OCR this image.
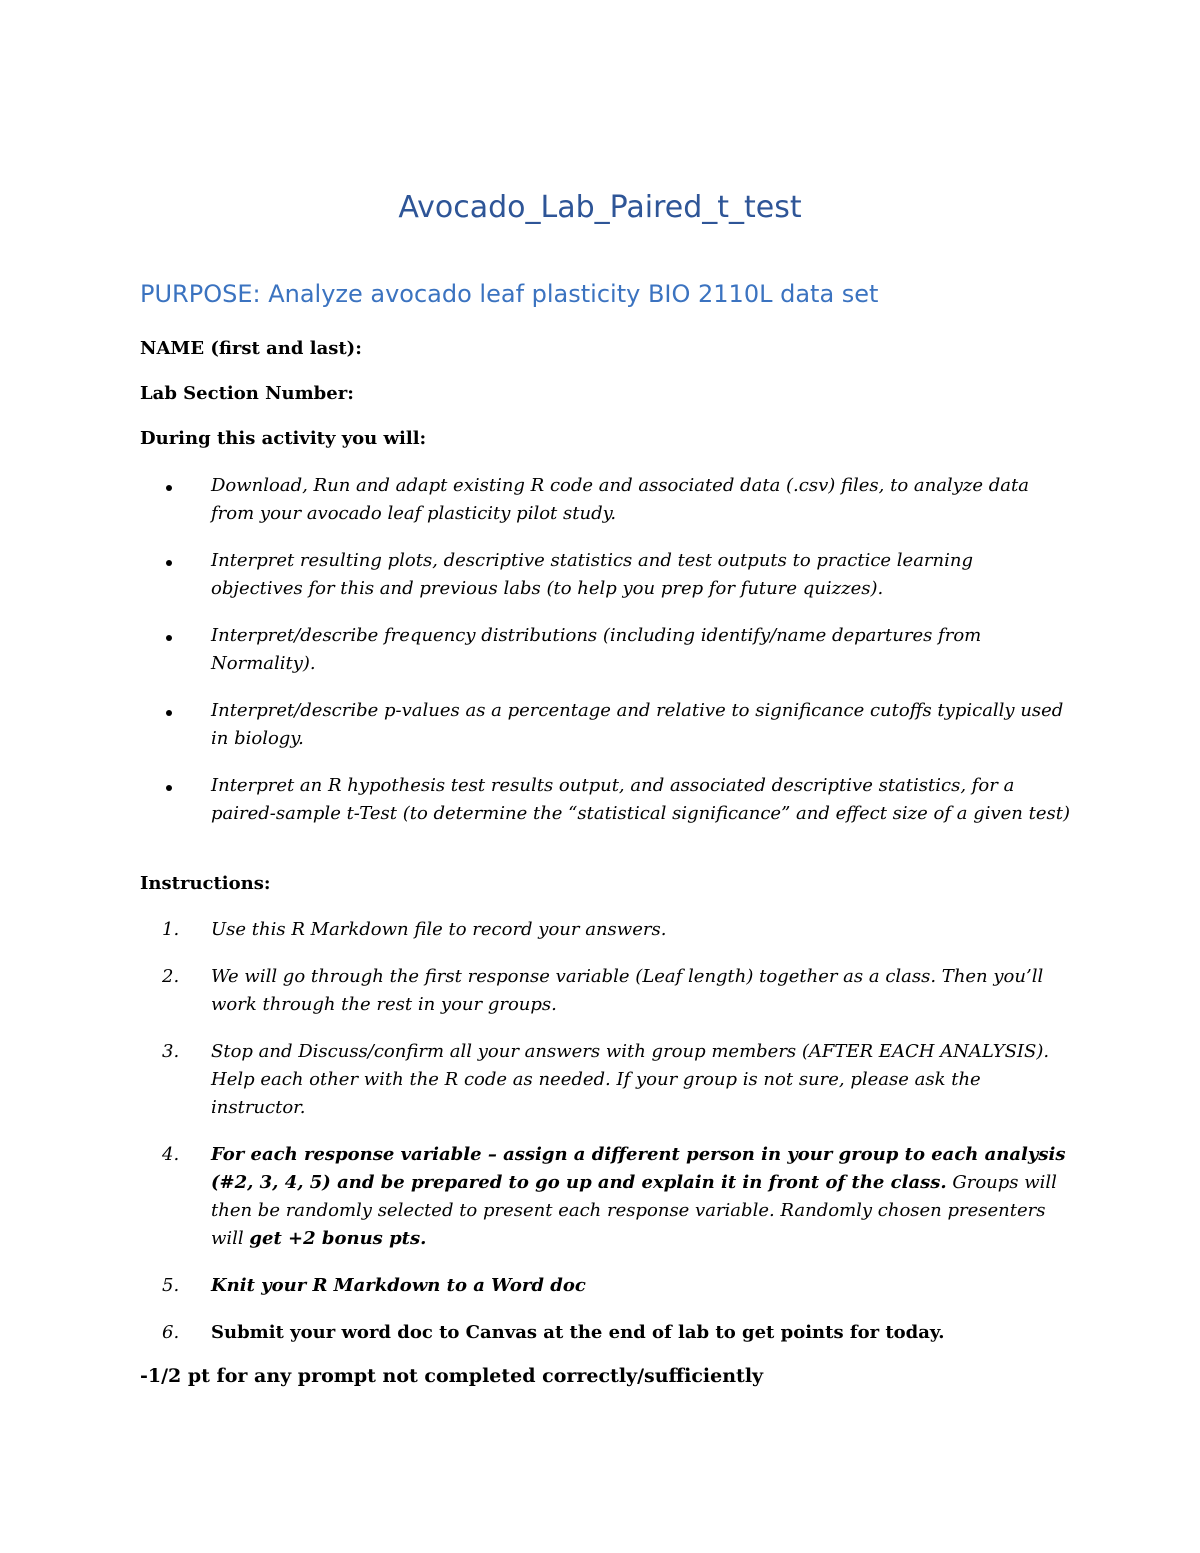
Avocado_Lab_Paired_t_test
PURPOSE: Analyze avocado leaf plasticity BIO 2110L data set

NAME (first and last):

Lab Section Number:

During this activity you will:

Download, Run and adapt existing R code and associated data (.csv) files, to analyze data from your avocado leaf plasticity pilot study.
Interpret resulting plots, descriptive statistics and test outputs to practice learning objectives for this and previous labs (to help you prep for future quizzes).
Interpret/describe frequency distributions (including identify/name departures from Normality).
Interpret/describe p-values as a percentage and relative to significance cutoffs typically used in biology.
Interpret an R hypothesis test results output, and associated descriptive statistics, for a paired-sample t-Test (to determine the “statistical significance” and effect size of a given test)

Instructions:

1. Use this R Markdown file to record your answers.
2. We will go through the first response variable (Leaf length) together as a class. Then you’ll work through the rest in your groups.
3. Stop and Discuss/confirm all your answers with group members (AFTER EACH ANALYSIS). Help each other with the R code as needed. If your group is not sure, please ask the instructor.
4. For each response variable – assign a different person in your group to each analysis (#2, 3, 4, 5) and be prepared to go up and explain it in front of the class. Groups will then be randomly selected to present each response variable. Randomly chosen presenters will get +2 bonus pts.
5. Knit your R Markdown to a Word doc
6. Submit your word doc to Canvas at the end of lab to get points for today.

-1/2 pt for any prompt not completed correctly/sufficiently
